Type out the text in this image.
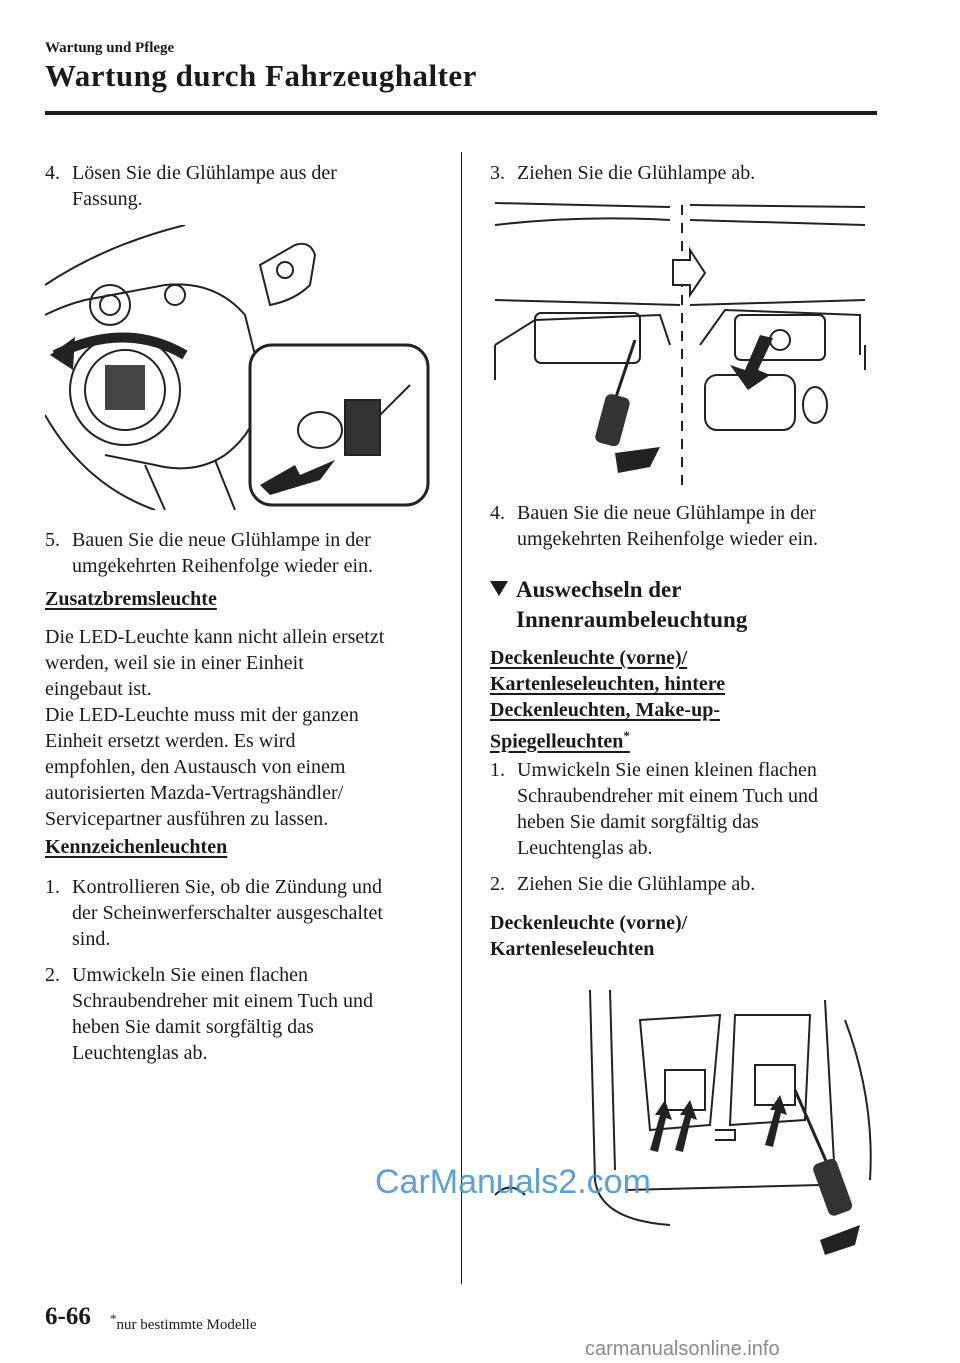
Wartung und Pflege
Wartung durch Fahrzeughalter
4. Lösen Sie die Glühlampe aus der
Fassung.
5. Bauen Sie die neue Glühlampe in der
umgekehrten Reihenfolge wieder ein.
Zusatzbremsleuchte
Die LED-Leuchte kann nicht allein ersetzt
werden, weil sie in einer Einheit
eingebaut ist.
Die LED-Leuchte muss mit der ganzen
Einheit ersetzt werden. Es wird
empfohlen, den Austausch von einem
autorisierten Mazda-Vertragshändler/
Servicepartner ausführen zu lassen.
Kennzeichenleuchten
1. Kontrollieren Sie, ob die Zündung und
der Scheinwerferschalter ausgeschaltet
sind.
2. Umwickeln Sie einen flachen
Schraubendreher mit einem Tuch und
heben Sie damit sorgfältig das
Leuchtenglas ab.
3. Ziehen Sie die Glühlampe ab.
4. Bauen Sie die neue Glühlampe in der
umgekehrten Reihenfolge wieder ein.
Auswechseln der
Innenraumbeleuchtung
Deckenleuchte (vorne)/
Kartenleseleuchten, hintere
Deckenleuchten, Make-up-
Spiegelleuchten*
1. Umwickeln Sie einen kleinen flachen
Schraubendreher mit einem Tuch und
heben Sie damit sorgfältig das
Leuchtenglas ab.
2. Ziehen Sie die Glühlampe ab.
Deckenleuchte (vorne)/
Kartenleseleuchten
6-66 *nur bestimmte Modelle
CarManuals2.com
carmanualsonline.info
